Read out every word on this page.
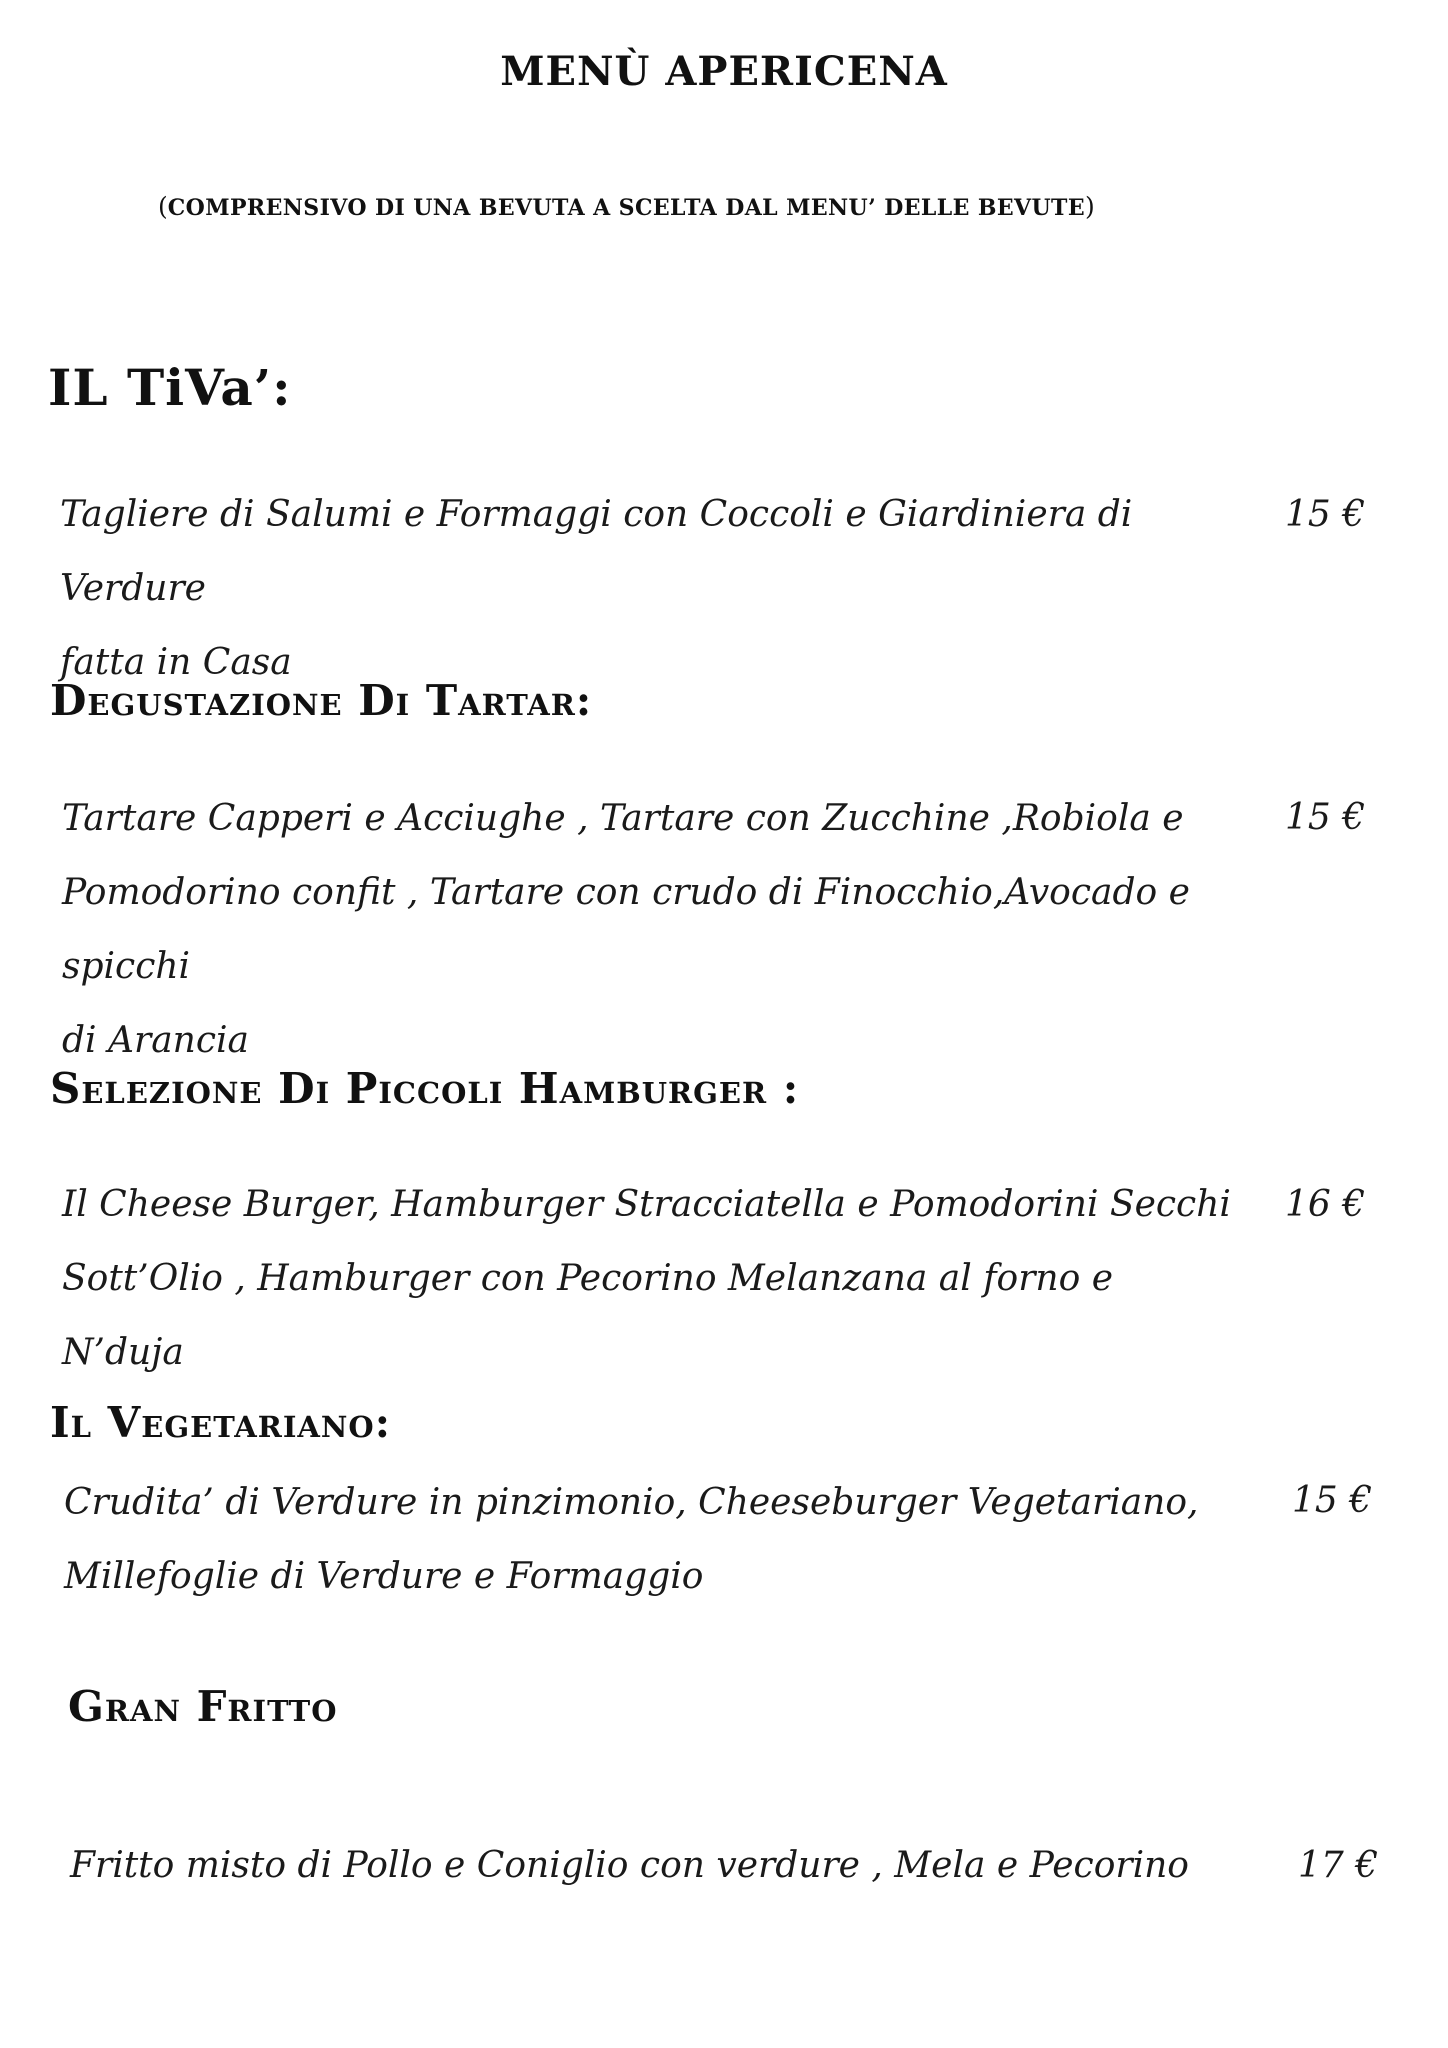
MENÙ APERICENA

(COMPRENSIVO DI UNA BEVUTA A SCELTA DAL MENU’ DELLE BEVUTE)

IL TiVa’:

Tagliere di Salumi e Formaggi con Coccoli e Giardiniera di Verdure
fatta in Casa

15 €

Degustazione Di Tartar:

Tartare Capperi e Acciughe , Tartare con Zucchine ,Robiola e
Pomodorino confit , Tartare con crudo di Finocchio,Avocado e spicchi
di Arancia

15 €

Selezione Di Piccoli Hamburger :

Il Cheese Burger, Hamburger Stracciatella e Pomodorini Secchi
Sott’Olio , Hamburger con Pecorino Melanzana al forno e N’duja

16 €

Il Vegetariano:

Crudita’ di Verdure in pinzimonio, Cheeseburger Vegetariano,
Millefoglie di Verdure e Formaggio

15 €

Gran Fritto

Fritto misto di Pollo e Coniglio con verdure , Mela e Pecorino	17 €
